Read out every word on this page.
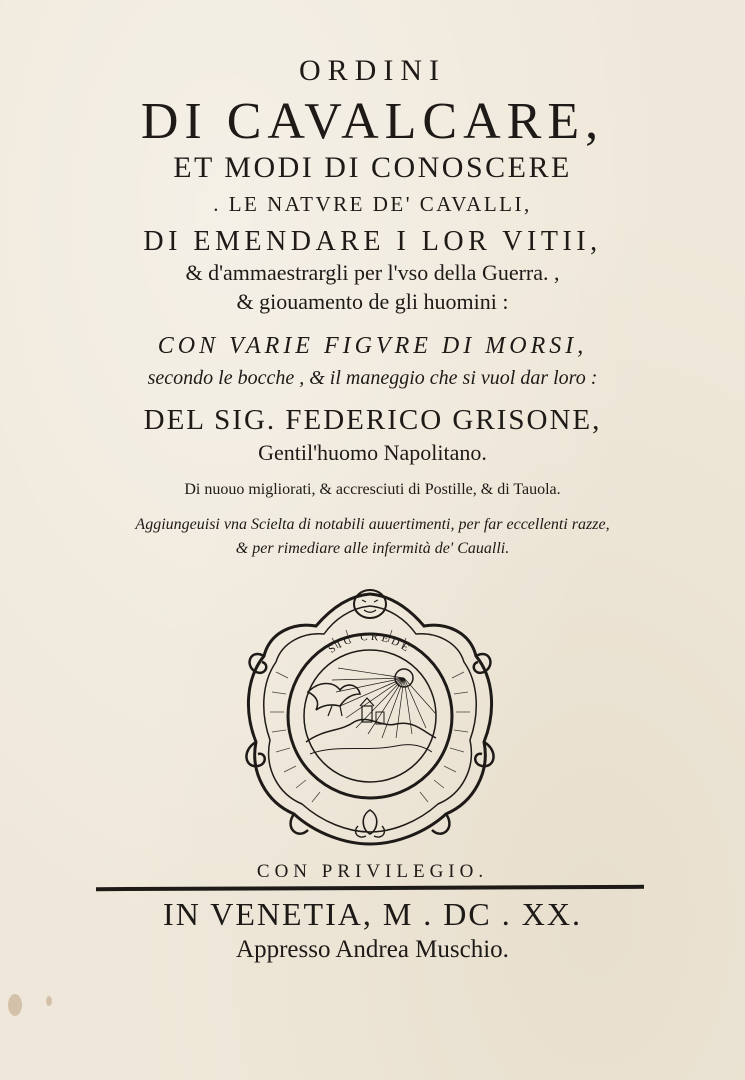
ORDINI
DI CAVALCARE,
ET MODI DI CONOSCERE
. LE NATVRE DE' CAVALLI,
DI EMENDARE I LOR VITII,
& d'ammaestrargli per l'vso della Guerra. ,
& giouamento de gli huomini :
CON VARIE FIGVRE DI MORSI,
secondo le bocche , & il maneggio che si vuol dar loro :
DEL SIG. FEDERICO GRISONE,
Gentil'huomo Napolitano.
Di nuouo migliorati, & accresciuti di Postille, & di Tauola.
Aggiungeuisi vna Scielta di notabili auuertimenti, per far eccellenti razze,
& per rimediare alle infermità de' Caualli.
SIC CREDE
CON PRIVILEGIO.
IN VENETIA, M . DC . XX.
Appresso Andrea Muschio.
